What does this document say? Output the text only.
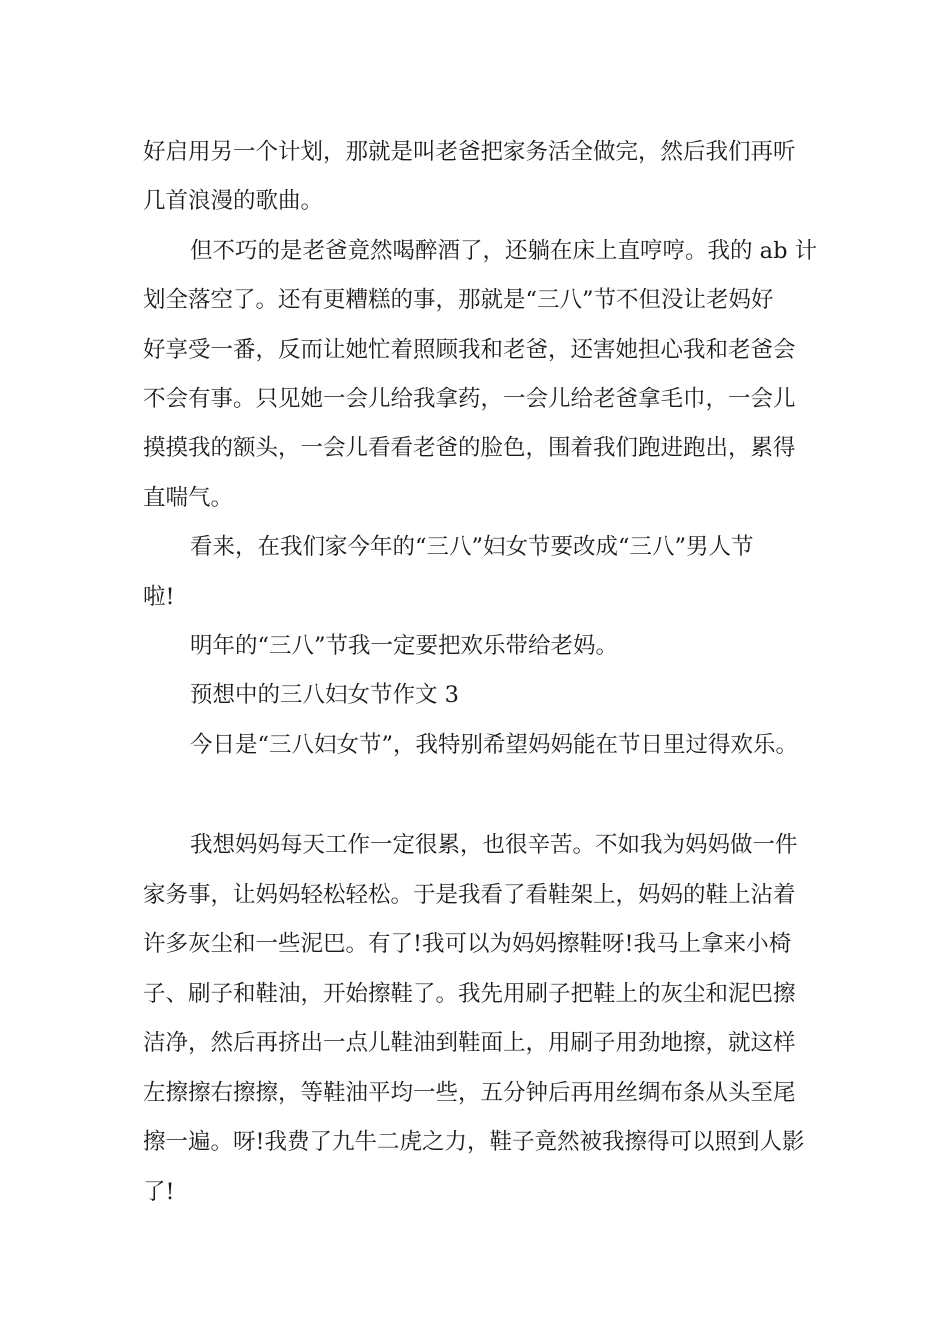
好启用另一个计划，那就是叫老爸把家务活全做完，然后我们再听
几首浪漫的歌曲。
但不巧的是老爸竟然喝醉酒了，还躺在床上直哼哼。我的 ab 计
划全落空了。还有更糟糕的事，那就是“三八”节不但没让老妈好
好享受一番，反而让她忙着照顾我和老爸，还害她担心我和老爸会
不会有事。只见她一会儿给我拿药，一会儿给老爸拿毛巾，一会儿
摸摸我的额头，一会儿看看老爸的脸色，围着我们跑进跑出，累得
直喘气。
看来，在我们家今年的“三八”妇女节要改成“三八”男人节
啦!
明年的“三八”节我一定要把欢乐带给老妈。
预想中的三八妇女节作文 3
今日是“三八妇女节”，我特别希望妈妈能在节日里过得欢乐。
我想妈妈每天工作一定很累，也很辛苦。不如我为妈妈做一件
家务事，让妈妈轻松轻松。于是我看了看鞋架上，妈妈的鞋上沾着
许多灰尘和一些泥巴。有了!我可以为妈妈擦鞋呀!我马上拿来小椅
子、刷子和鞋油，开始擦鞋了。我先用刷子把鞋上的灰尘和泥巴擦
洁净，然后再挤出一点儿鞋油到鞋面上，用刷子用劲地擦，就这样
左擦擦右擦擦，等鞋油平均一些，五分钟后再用丝绸布条从头至尾
擦一遍。呀!我费了九牛二虎之力，鞋子竟然被我擦得可以照到人影
了!
